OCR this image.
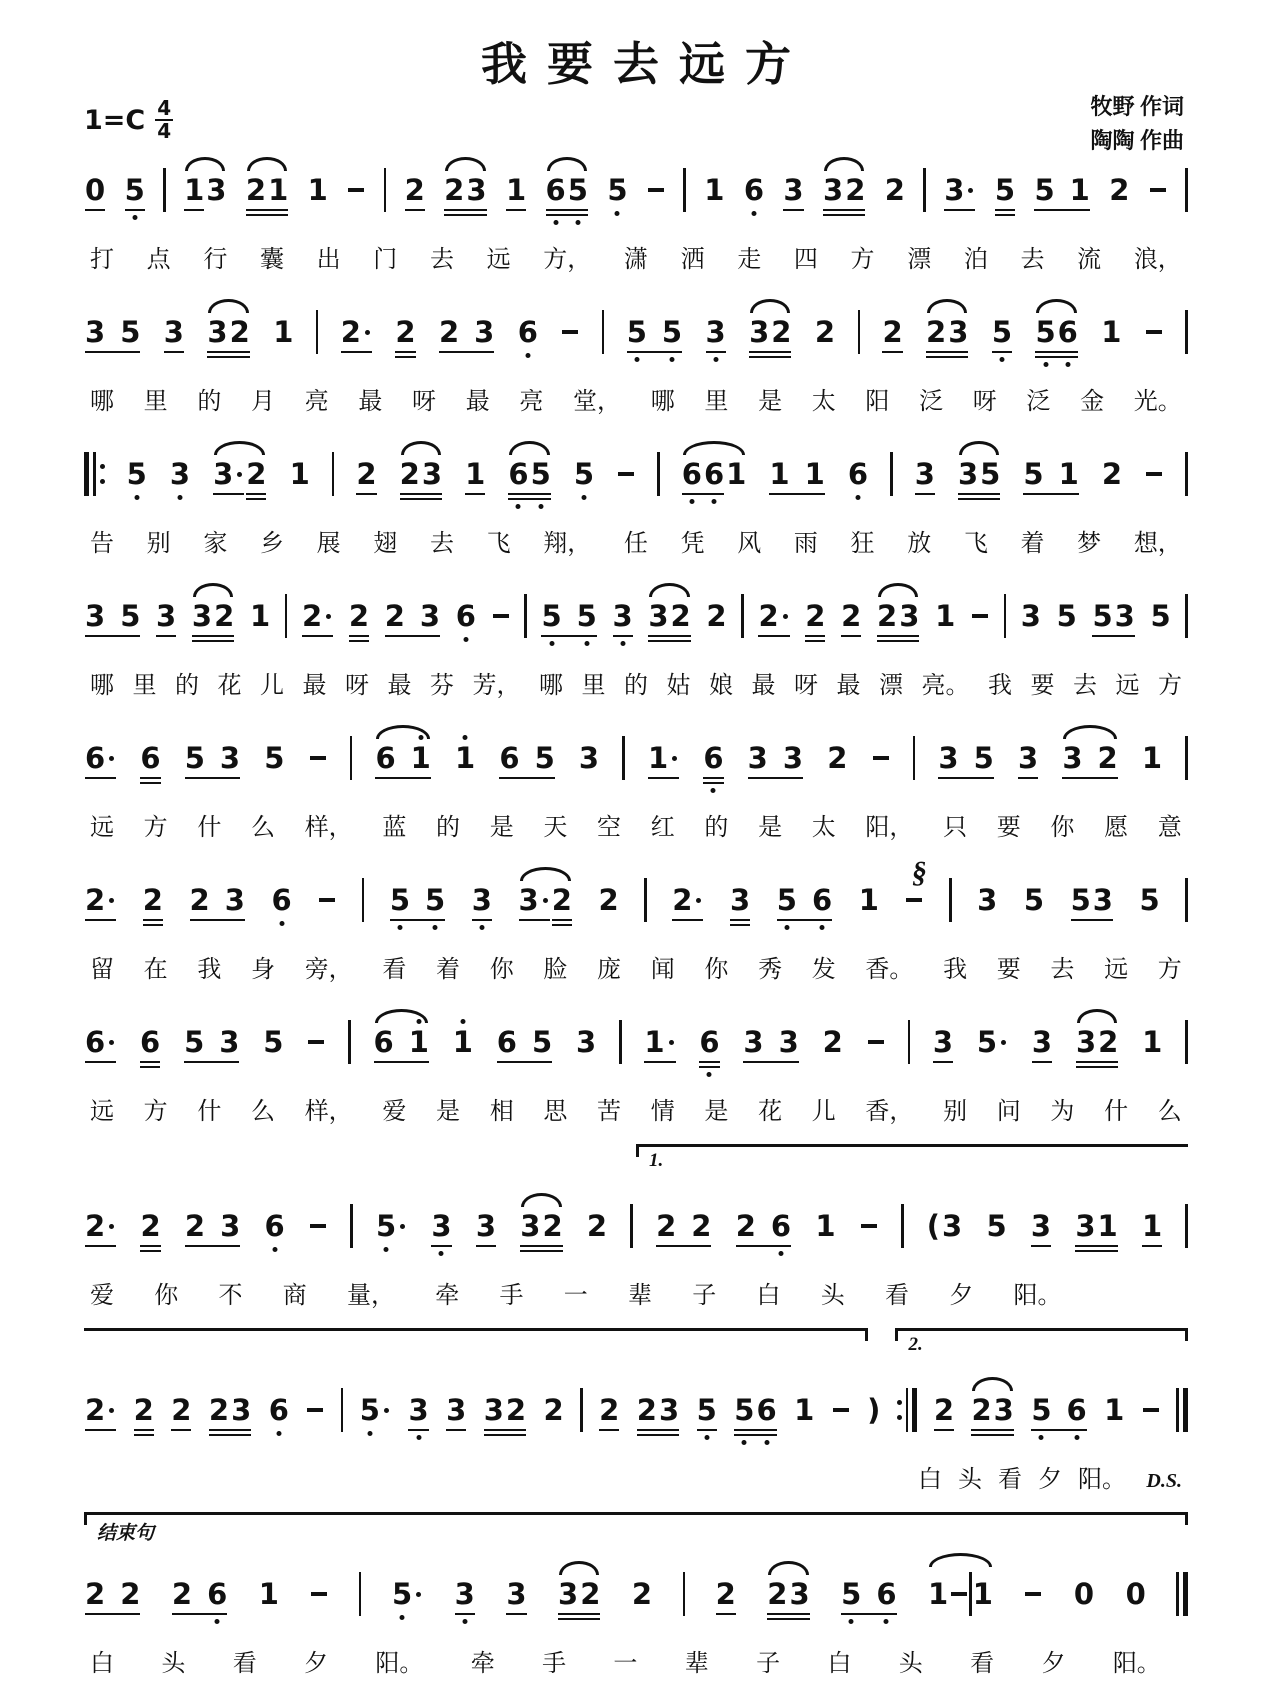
我要去远方
牧野 作词
陶陶 作曲
$1=C \frac{4}{4}$
0 5 1 3 2 1 1	2 2 3 1 6 5 5	1 6 3 3 2 2 3 5 5 1 2
打 点 行 囊 出 门 去 远 方， 潇 洒 走 四 方 漂 泊 去 流 浪，
3 5 3 3 2 1 2 2 2 3 6	5 5 3 3 2 2 2 2 3 5 5 6 1
哪 里 的 月 亮 最 呀 最 亮 堂， 哪 里 是 太 阳 泛 呀 泛 金 光。
5 3 3 2 1 2 2 3 1 6 5 5	6 6 1 1 1 6 3 3 5 5 1 2
告 别 家 乡 展 翅 去 飞 翔， 任 凭 风 雨 狂 放 飞 着 梦 想，
3 5 3 3 2 1 2 2 2 3 6 5 5 3 3 2 2 2 2 2 2 3 1 3 5 5 3 5
哪 里 的 花 儿 最 呀 最 芬 芳， 哪 里 的 姑 娘 最 呀 最 漂 亮。 我 要 去 远 方
6 6 5 3 5	6 1 1 6 5 3 1 6 3 3 2	3 5 3 3 2 1
远 方 什 么 样， 蓝 的 是 天 空 红 的 是 太 阳， 只 要 你 愿 意
§
2 2 2 3 6	5 5 3 3 2 2 2 3 5 6 1	3 5 5 3 5
留 在 我 身 旁， 看 着 你 脸 庞 闻 你 秀 发 香。 我 要 去 远 方
6 6 5 3 5	6 1 1 6 5 3 1 6 3 3 2	3 5 3 3 2 1
远 方 什 么 样， 爱 是 相 思 苦 情 是 花 儿 香， 别 问 为 什 么
1.
2 2 2 3 6	5 3 3 3 2 2 2 2 2 6 1	( 3 5 3 3 1 1
爱 你 不 商 量， 牵 手 一 辈 子 白 头 看 夕 阳。
2.
2 2 2 2 3 6 5 3 3 3 2 2 2 2 3 5 5 6 1 ) 2 2 3 5 6 1
白 头 看 夕 阳。 D.S.
结束句
2 2 2 6 1	5 3 3 3 2 2 2 2 3 5 6 1 1	0 0
白 头 看 夕 阳。 牵 手 一 辈 子 白 头 看 夕 阳。
